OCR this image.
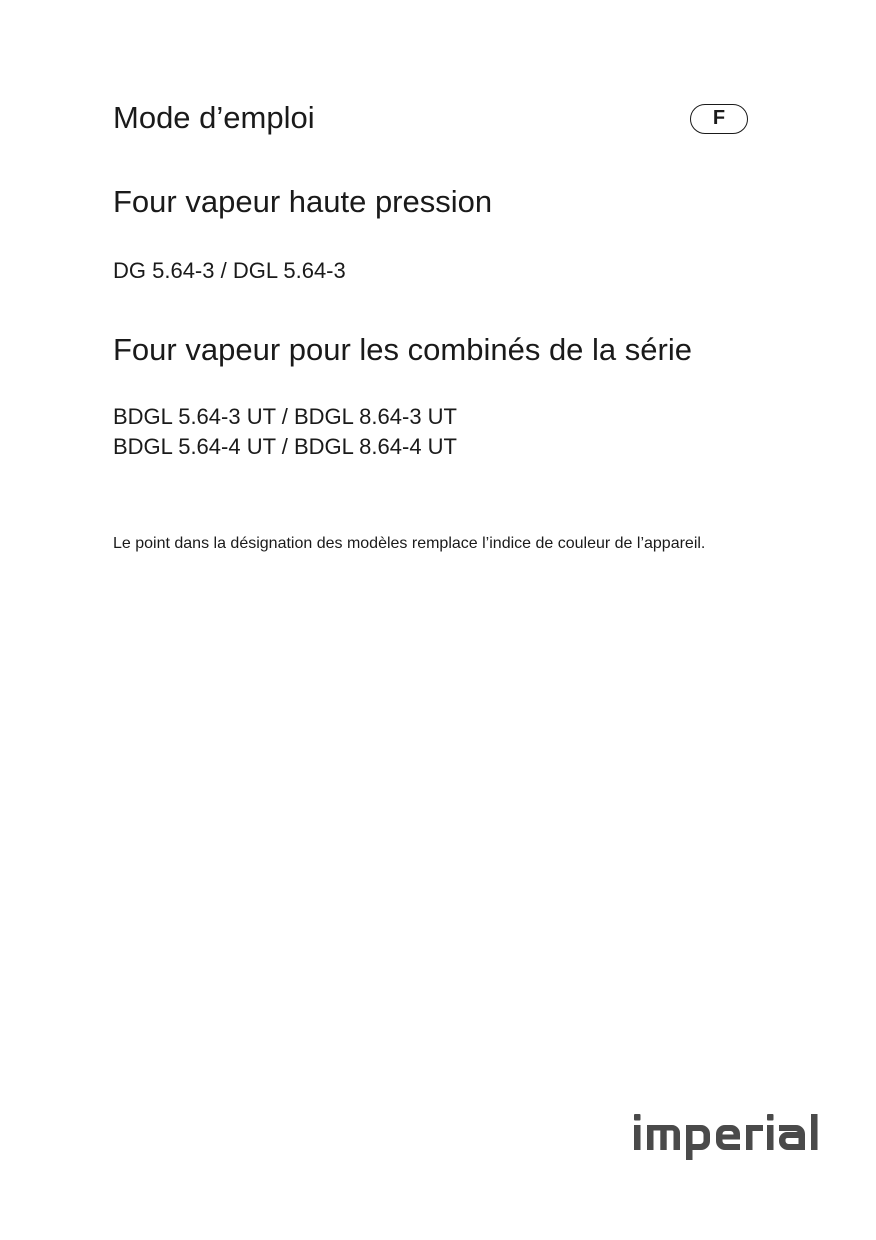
Mode d’emploi	F
Four vapeur haute pression
DG 5.64-3 / DGL 5.64-3
Four vapeur pour les combinés de la série
BDGL 5.64-3 UT / BDGL 8.64-3 UT
BDGL 5.64-4 UT / BDGL 8.64-4 UT
Le point dans la désignation des modèles remplace l’indice de couleur de l’appareil.
